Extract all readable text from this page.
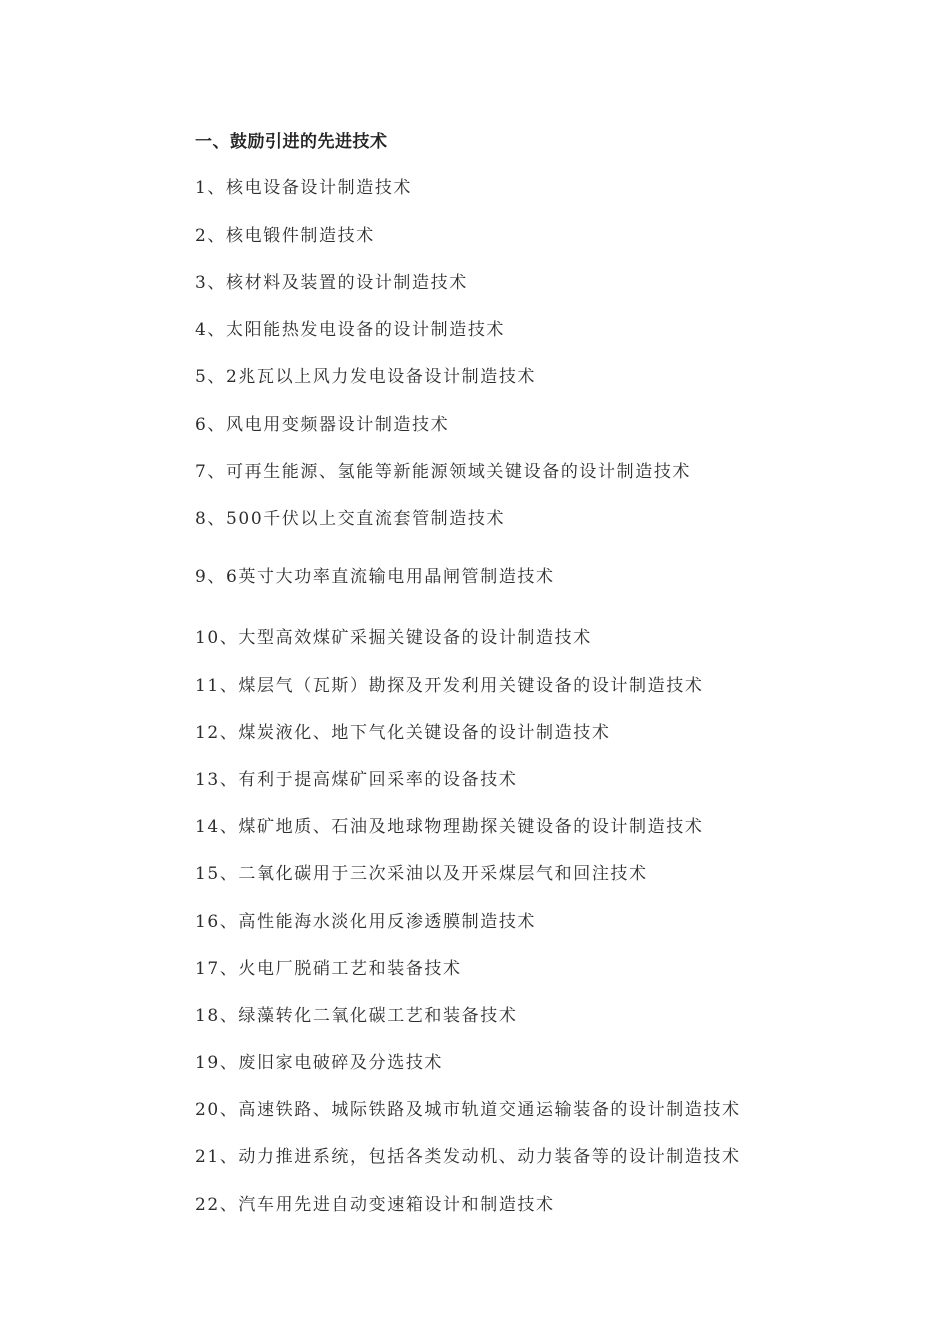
一、鼓励引进的先进技术
1、核电设备设计制造技术
2、核电锻件制造技术
3、核材料及装置的设计制造技术
4、太阳能热发电设备的设计制造技术
5、2兆瓦以上风力发电设备设计制造技术
6、风电用变频器设计制造技术
7、可再生能源、氢能等新能源领域关键设备的设计制造技术
8、500千伏以上交直流套管制造技术
9、6英寸大功率直流输电用晶闸管制造技术
10、大型高效煤矿采掘关键设备的设计制造技术
11、煤层气（瓦斯）勘探及开发利用关键设备的设计制造技术
12、煤炭液化、地下气化关键设备的设计制造技术
13、有利于提高煤矿回采率的设备技术
14、煤矿地质、石油及地球物理勘探关键设备的设计制造技术
15、二氧化碳用于三次采油以及开采煤层气和回注技术
16、高性能海水淡化用反渗透膜制造技术
17、火电厂脱硝工艺和装备技术
18、绿藻转化二氧化碳工艺和装备技术
19、废旧家电破碎及分选技术
20、高速铁路、城际铁路及城市轨道交通运输装备的设计制造技术
21、动力推进系统，包括各类发动机、动力装备等的设计制造技术
22、汽车用先进自动变速箱设计和制造技术
